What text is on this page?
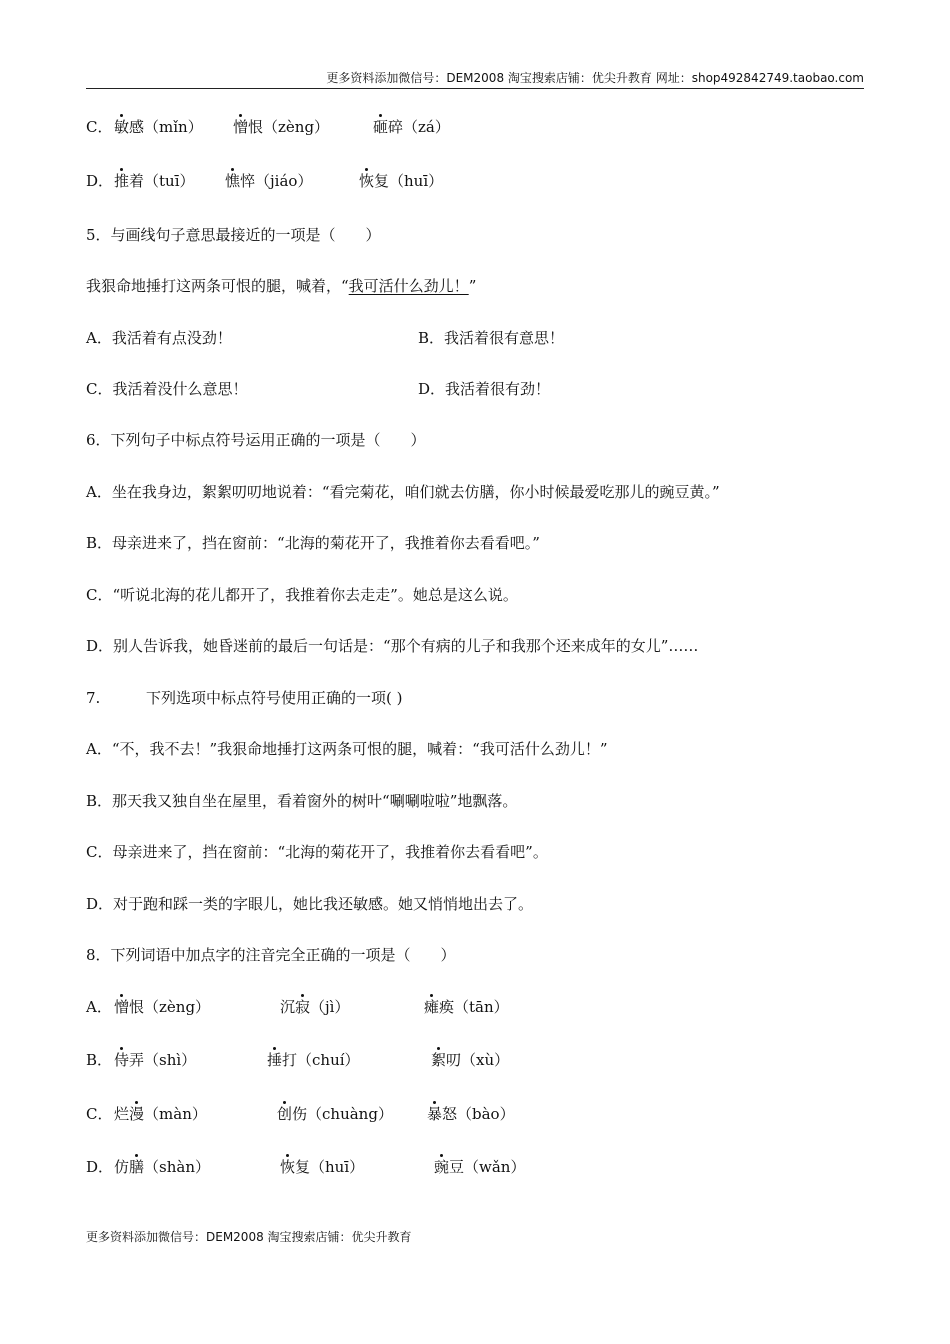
更多资料添加微信号：DEM2008 淘宝搜索店铺：优尖升教育 网址：shop492842749.taobao.com
C． 敏感（mǐn） 憎恨（zèng）	砸碎（zá）
D． 推着（tuī） 憔悴（jiáo）	恢复（huī）
5．与画线句子意思最接近的一项是（　　）
我狠命地捶打这两条可恨的腿，喊着，“我可活什么劲儿！”
A．我活着有点没劲！	B．我活着很有意思！
C．我活着没什么意思！	D．我活着很有劲！
6．下列句子中标点符号运用正确的一项是（　　）
A．坐在我身边，絮絮叨叨地说着：“看完菊花，咱们就去仿膳，你小时候最爱吃那儿的豌豆黄。”
B．母亲进来了，挡在窗前：“北海的菊花开了，我推着你去看看吧。”
C．“听说北海的花儿都开了，我推着你去走走”。她总是这么说。
D．别人告诉我，她昏迷前的最后一句话是：“那个有病的儿子和我那个还来成年的女儿”……
7.	下列选项中标点符号使用正确的一项( )
A．“不，我不去！”我狠命地捶打这两条可恨的腿，喊着：“我可活什么劲儿！”
B．那天我又独自坐在屋里，看着窗外的树叶“唰唰啦啦”地飘落。
C．母亲进来了，挡在窗前：“北海的菊花开了，我推着你去看看吧”。
D．对于跑和踩一类的字眼儿，她比我还敏感。她又悄悄地出去了。
8．下列词语中加点字的注音完全正确的一项是（　　）
A． 憎恨（zèng）	沉寂（jì）	瘫痪（tān）
B． 侍弄（shì）	捶打（chuí）	絮叨（xù）
C． 烂漫（màn）	创伤（chuàng） 暴怒（bào）
D． 仿膳（shàn）	恢复（huī）	豌豆（wǎn）
更多资料添加微信号：DEM2008 淘宝搜索店铺：优尖升教育
